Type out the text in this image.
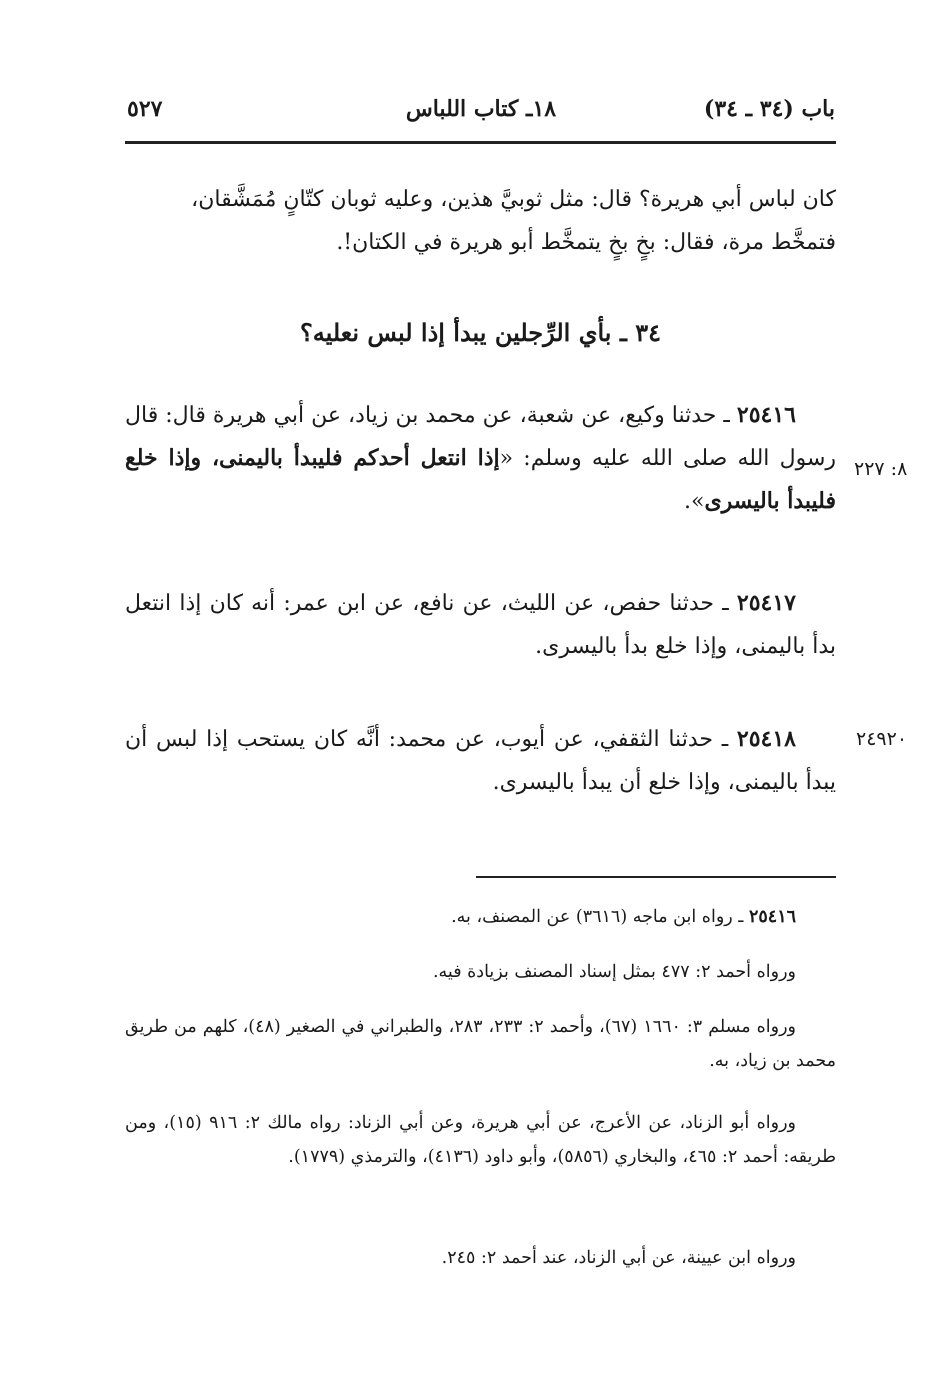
باب (٣٤ ـ ٣٤)
١٨ـ كتاب اللباس
٥٢٧

كان لباس أبي هريرة؟ قال: مثل ثوبيَّ هذين، وعليه ثوبان كتّانٍ مُمَشَّقان،

فتمخَّط مرة، فقال: بخٍ بخٍ يتمخَّط أبو هريرة في الكتان!.

٣٤ ـ بأي الرِّجلين يبدأ إذا لبس نعليه؟
٢٥٤١٦ ـ حدثنا وكيع، عن شعبة، عن محمد بن زياد، عن أبي هريرة قال: قال رسول الله صلى الله عليه وسلم: «إذا انتعل أحدكم فليبدأ باليمنى، وإذا خلع فليبدأ باليسرى».
٨: ٢٢٧
٢٥٤١٧ ـ حدثنا حفص، عن الليث، عن نافع، عن ابن عمر: أنه كان إذا انتعل بدأ باليمنى، وإذا خلع بدأ باليسرى.
٢٥٤١٨ ـ حدثنا الثقفي، عن أيوب، عن محمد: أنَّه كان يستحب إذا لبس أن يبدأ باليمنى، وإذا خلع أن يبدأ باليسرى.
٢٤٩٢٠
٢٥٤١٦ ـ رواه ابن ماجه (٣٦١٦) عن المصنف، به.
ورواه أحمد ٢: ٤٧٧ بمثل إسناد المصنف بزيادة فيه.
ورواه مسلم ٣: ١٦٦٠ (٦٧)، وأحمد ٢: ٢٣٣، ٢٨٣، والطبراني في الصغير (٤٨)، كلهم من طريق محمد بن زياد، به.
ورواه أبو الزناد، عن الأعرج، عن أبي هريرة، وعن أبي الزناد: رواه مالك ٢: ٩١٦ (١٥)، ومن طريقه: أحمد ٢: ٤٦٥، والبخاري (٥٨٥٦)، وأبو داود (٤١٣٦)، والترمذي (١٧٧٩).
ورواه ابن عيينة، عن أبي الزناد، عند أحمد ٢: ٢٤٥.
